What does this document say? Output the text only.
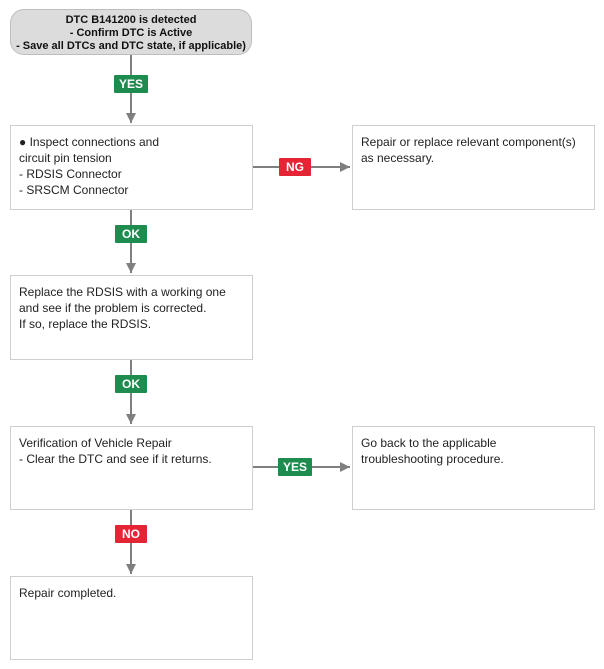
DTC B141200 is detected
- Confirm DTC is Active
- Save all DTCs and DTC state, if applicable)
● Inspect connections and
circuit pin tension
- RDSIS Connector
- SRSCM Connector
Repair or replace relevant component(s)
as necessary.
Replace the RDSIS with a working one
and see if the problem is corrected.
If so, replace the RDSIS.
Verification of Vehicle Repair
- Clear the DTC and see if it returns.
Go back to the applicable
troubleshooting procedure.
Repair completed.
YES
NG
OK
OK
YES
NO
